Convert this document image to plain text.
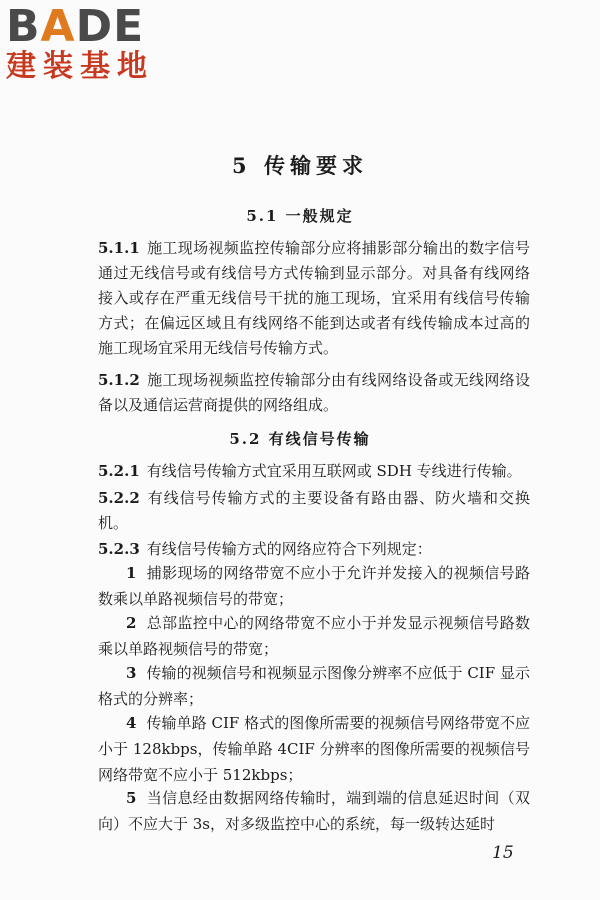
BADE
建装基地
5 传输要求
5.1 一般规定
5.1.1 施工现场视频监控传输部分应将捕影部分输出的数字信号通过无线信号或有线信号方式传输到显示部分。对具备有线网络接入或存在严重无线信号干扰的施工现场，宜采用有线信号传输方式；在偏远区域且有线网络不能到达或者有线传输成本过高的施工现场宜采用无线信号传输方式。
5.1.2 施工现场视频监控传输部分由有线网络设备或无线网络设备以及通信运营商提供的网络组成。
5.2 有线信号传输
5.2.1 有线信号传输方式宜采用互联网或 SDH 专线进行传输。
5.2.2 有线信号传输方式的主要设备有路由器、防火墙和交换机。
5.2.3 有线信号传输方式的网络应符合下列规定：
1 捕影现场的网络带宽不应小于允许并发接入的视频信号路数乘以单路视频信号的带宽；
2 总部监控中心的网络带宽不应小于并发显示视频信号路数乘以单路视频信号的带宽；
3 传输的视频信号和视频显示图像分辨率不应低于 CIF 显示格式的分辨率；
4 传输单路 CIF 格式的图像所需要的视频信号网络带宽不应小于 128kbps，传输单路 4CIF 分辨率的图像所需要的视频信号网络带宽不应小于 512kbps；
5 当信息经由数据网络传输时，端到端的信息延迟时间（双向）不应大于 3s，对多级监控中心的系统，每一级转达延时
15
